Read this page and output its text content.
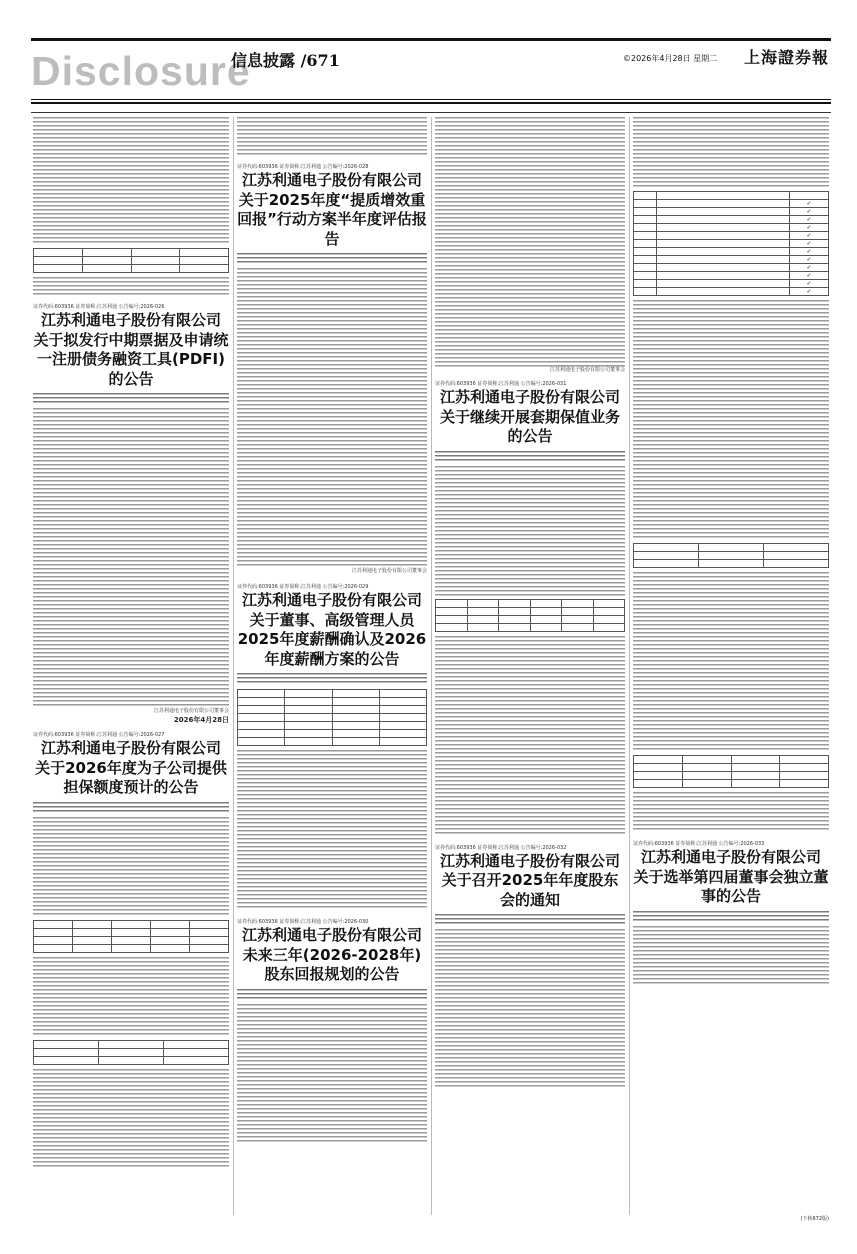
Disclosure
信息披露 /671	©2026年4月28日 星期二 上海證券報

证券代码:603936 证券简称:江苏利通 公告编号:2026-026
江苏利通电子股份有限公司
关于拟发行中期票据及申请统一注册债务融资工具(PDFI)的公告
江苏利通电子股份有限公司董事会
2026年4月28日
证券代码:603936 证券简称:江苏利通 公告编号:2026-027
江苏利通电子股份有限公司
关于2026年度为子公司提供担保额度预计的公告

证券代码:603936 证券简称:江苏利通 公告编号:2026-028
江苏利通电子股份有限公司
关于2025年度“提质增效重回报”行动方案半年度评估报告
江苏利通电子股份有限公司董事会
证券代码:603936 证券简称:江苏利通 公告编号:2026-029
江苏利通电子股份有限公司
关于董事、高级管理人员2025年度薪酬确认及2026年度薪酬方案的公告

证券代码:603936 证券简称:江苏利通 公告编号:2026-030
江苏利通电子股份有限公司
未来三年(2026-2028年)股东回报规划的公告
江苏利通电子股份有限公司董事会
证券代码:603936 证券简称:江苏利通 公告编号:2026-031
江苏利通电子股份有限公司
关于继续开展套期保值业务的公告

证券代码:603936 证券简称:江苏利通 公告编号:2026-032
江苏利通电子股份有限公司
关于召开2025年年度股东会的通知

		✓
		✓
		✓
		✓
		✓
		✓
		✓
		✓
		✓
		✓
		✓
		✓

证券代码:603936 证券简称:江苏利通 公告编号:2026-033
江苏利通电子股份有限公司
关于选举第四届董事会独立董事的公告
(下转672版)
